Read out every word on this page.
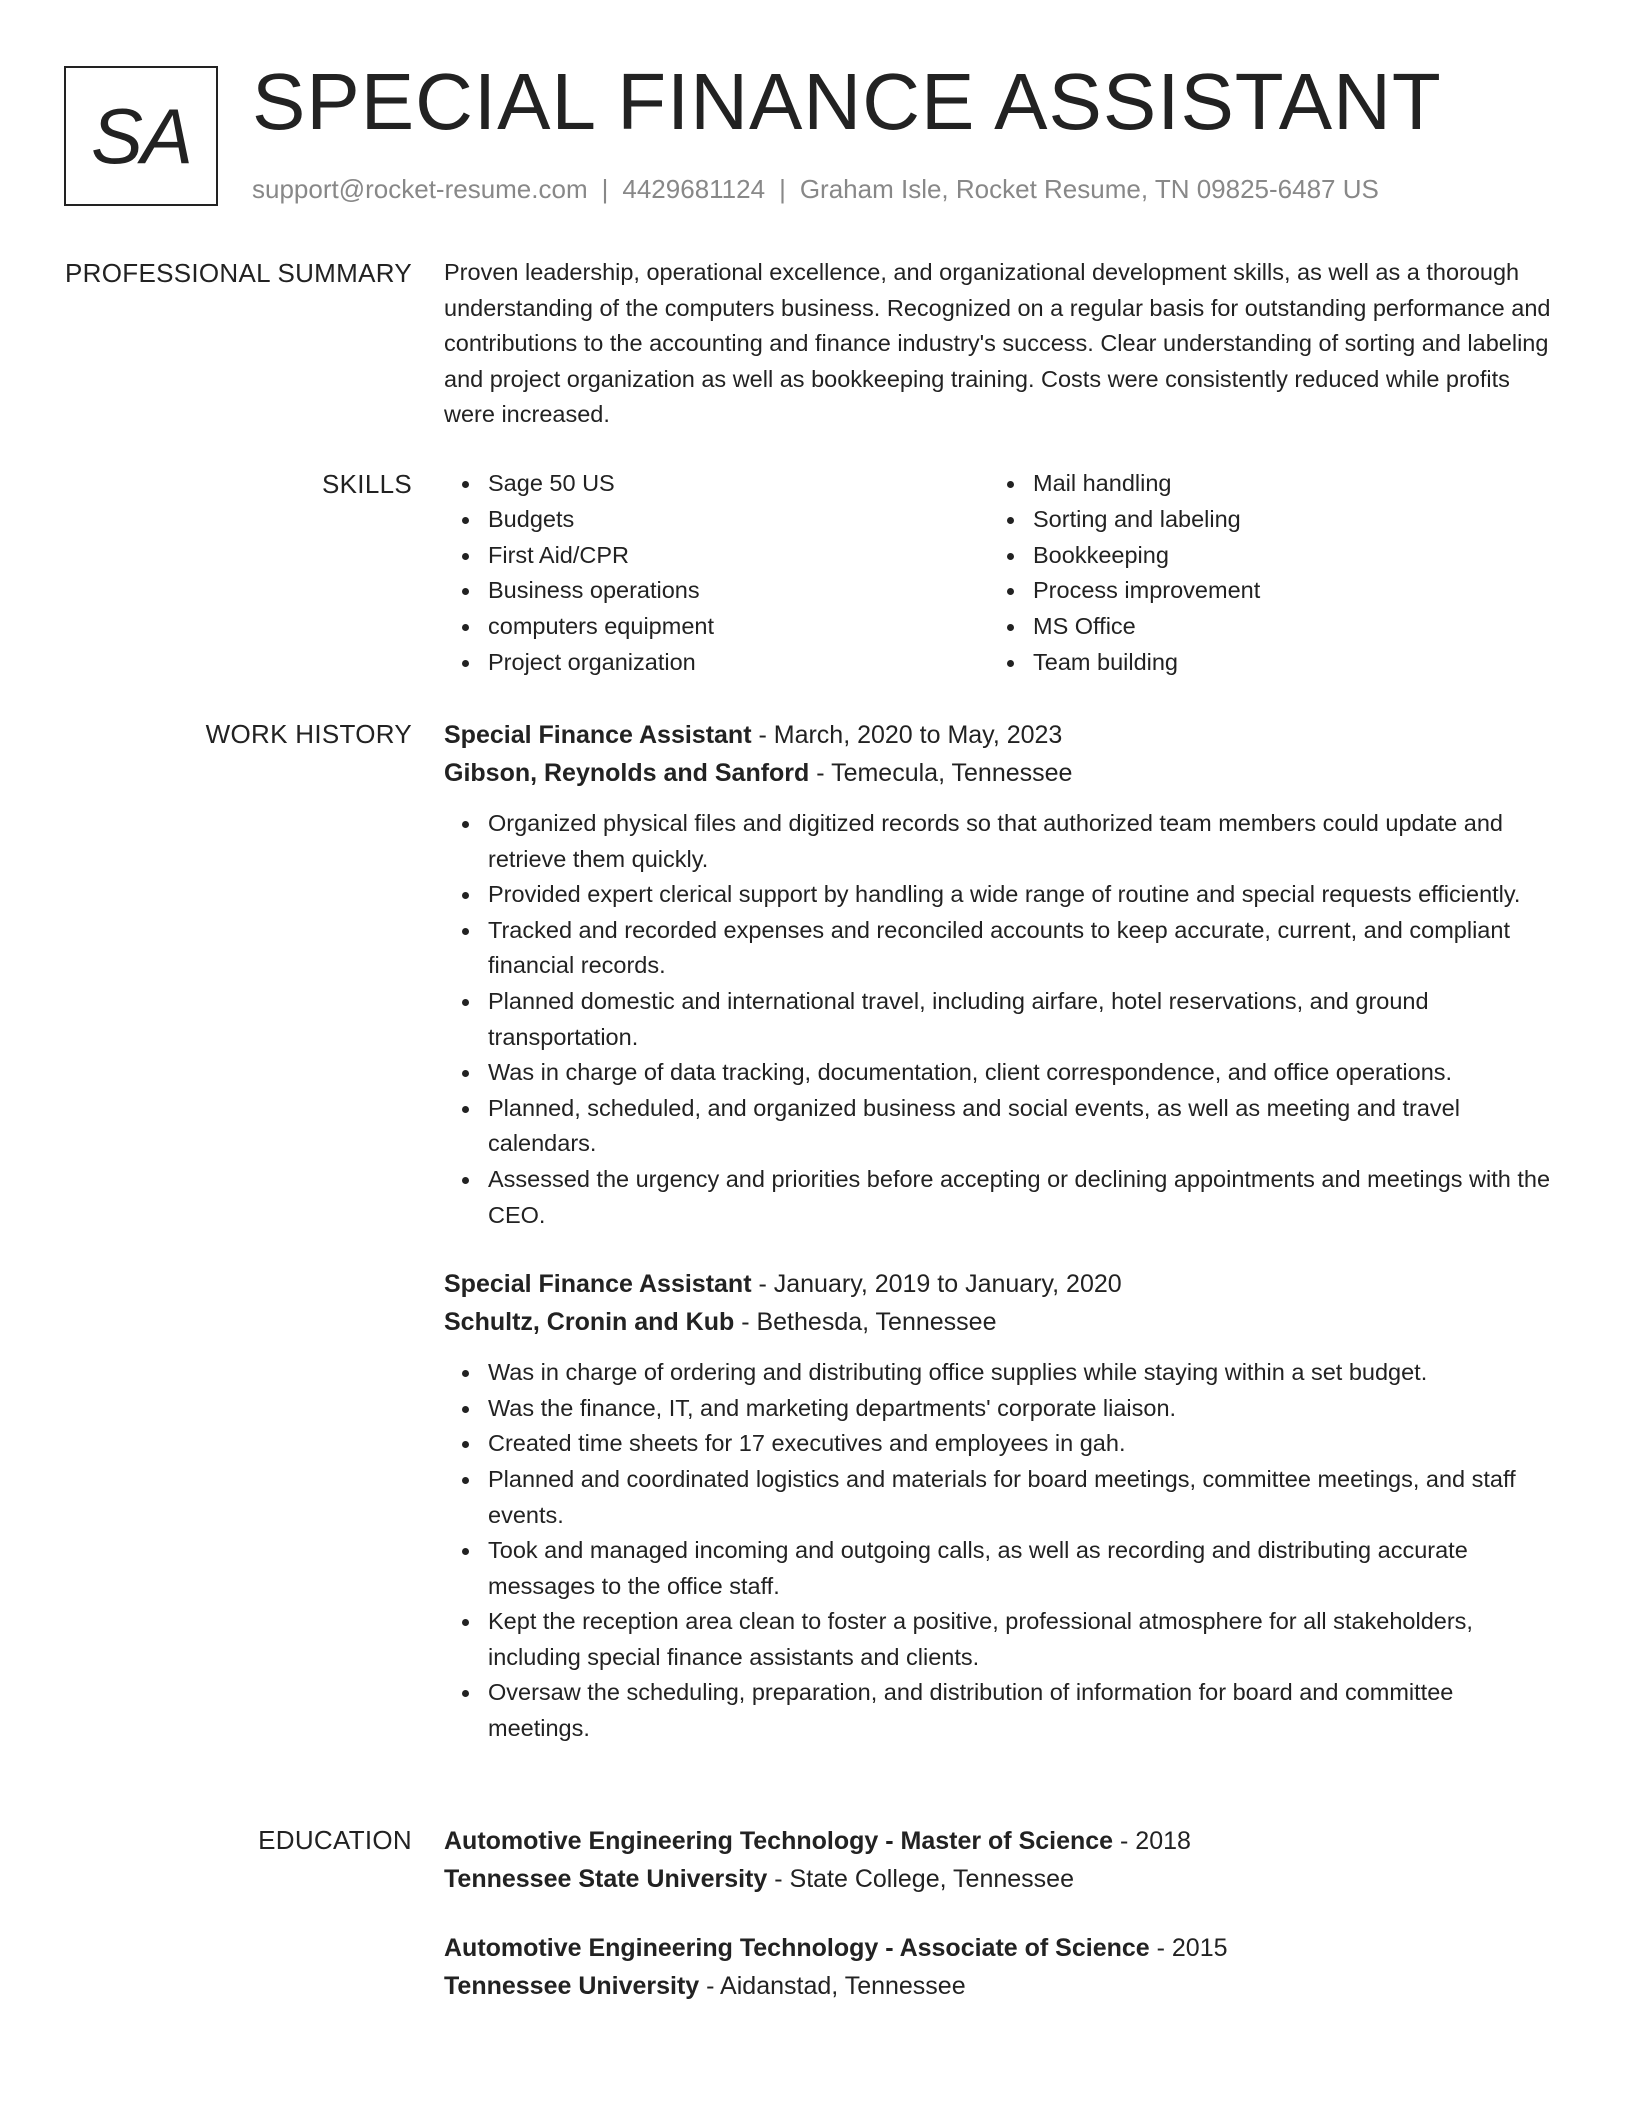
SA SPECIAL FINANCE ASSISTANT
support@rocket-resume.com | 4429681124 | Graham Isle, Rocket Resume, TN 09825-6487 US
PROFESSIONAL SUMMARY Proven leadership, operational excellence, and organizational development skills, as well as a thorough understanding of the computers business. Recognized on a regular basis for outstanding performance and contributions to the accounting and finance industry's success. Clear understanding of sorting and labeling and project organization as well as bookkeeping training. Costs were consistently reduced while profits were increased.

SKILLS	Sage 50 US
Budgets
First Aid/CPR
Business operations
computers equipment
Project organization
Mail handling
Sorting and labeling
Bookkeeping
Process improvement
MS Office
Team building
WORK HISTORY Special Finance Assistant - March, 2020 to May, 2023
Gibson, Reynolds and Sanford - Temecula, Tennessee
Organized physical files and digitized records so that authorized team members could update and retrieve them quickly.
Provided expert clerical support by handling a wide range of routine and special requests efficiently.
Tracked and recorded expenses and reconciled accounts to keep accurate, current, and compliant financial records.
Planned domestic and international travel, including airfare, hotel reservations, and ground transportation.
Was in charge of data tracking, documentation, client correspondence, and office operations.
Planned, scheduled, and organized business and social events, as well as meeting and travel calendars.
Assessed the urgency and priorities before accepting or declining appointments and meetings with the CEO.
Special Finance Assistant - January, 2019 to January, 2020
Schultz, Cronin and Kub - Bethesda, Tennessee
Was in charge of ordering and distributing office supplies while staying within a set budget.
Was the finance, IT, and marketing departments' corporate liaison.
Created time sheets for 17 executives and employees in gah.
Planned and coordinated logistics and materials for board meetings, committee meetings, and staff events.
Took and managed incoming and outgoing calls, as well as recording and distributing accurate messages to the office staff.
Kept the reception area clean to foster a positive, professional atmosphere for all stakeholders, including special finance assistants and clients.
Oversaw the scheduling, preparation, and distribution of information for board and committee meetings.
EDUCATION Automotive Engineering Technology - Master of Science - 2018
Tennessee State University - State College, Tennessee
Automotive Engineering Technology - Associate of Science - 2015
Tennessee University - Aidanstad, Tennessee
